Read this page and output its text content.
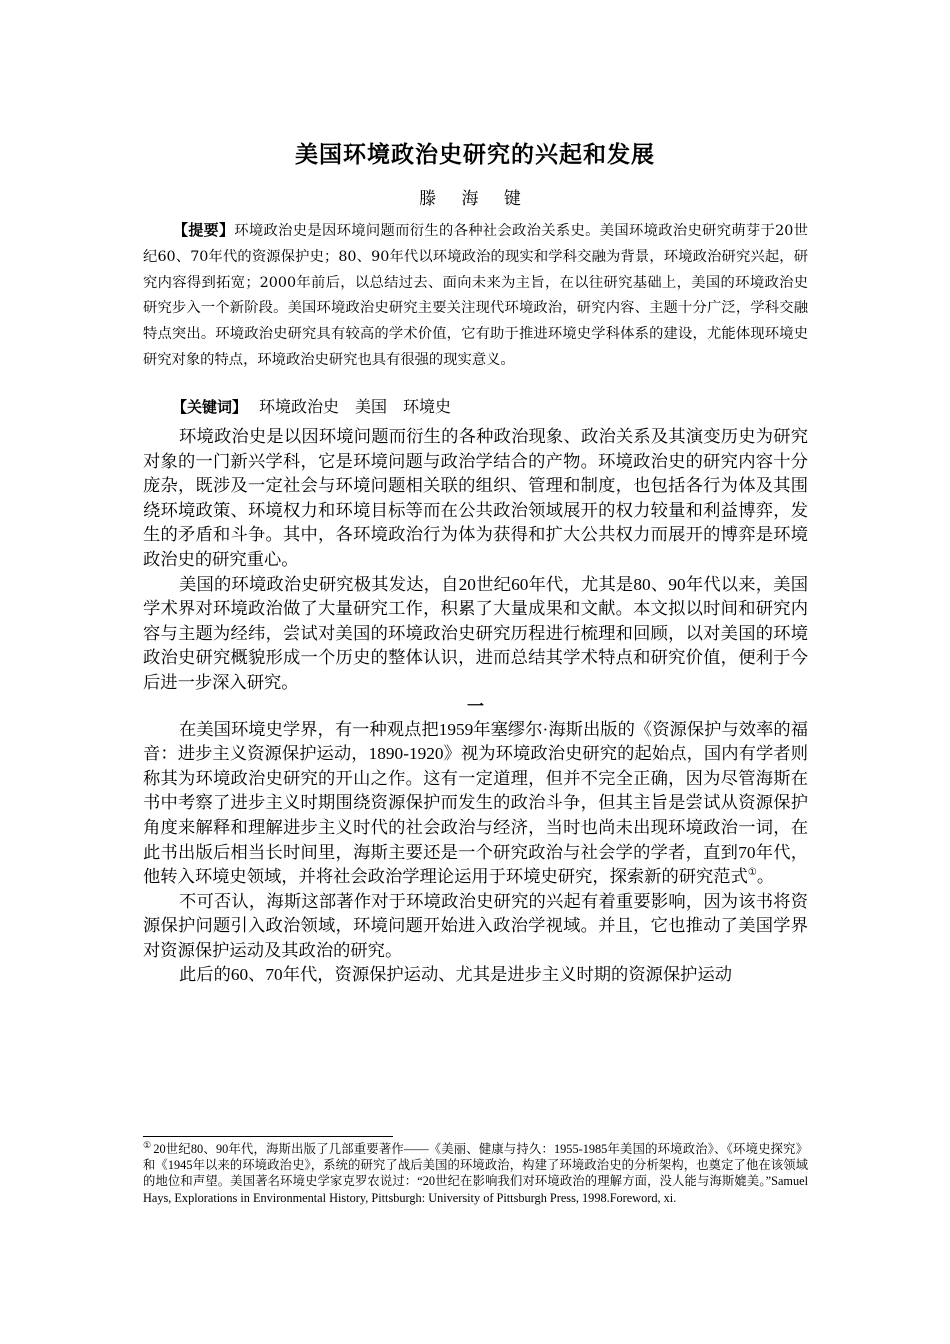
美国环境政治史研究的兴起和发展
滕 海 键
【提要】环境政治史是因环境问题而衍生的各种社会政治关系史。美国环境政治史研究萌芽于20世纪60、70年代的资源保护史；80、90年代以环境政治的现实和学科交融为背景，环境政治研究兴起，研究内容得到拓宽；2000年前后，以总结过去、面向未来为主旨，在以往研究基础上，美国的环境政治史研究步入一个新阶段。美国环境政治史研究主要关注现代环境政治，研究内容、主题十分广泛，学科交融特点突出。环境政治史研究具有较高的学术价值，它有助于推进环境史学科体系的建设，尤能体现环境史研究对象的特点，环境政治史研究也具有很强的现实意义。
【关键词】 环境政治史 美国 环境史

环境政治史是以因环境问题而衍生的各种政治现象、政治关系及其演变历史为研究对象的一门新兴学科，它是环境问题与政治学结合的产物。环境政治史的研究内容十分庞杂，既涉及一定社会与环境问题相关联的组织、管理和制度，也包括各行为体及其围绕环境政策、环境权力和环境目标等而在公共政治领域展开的权力较量和利益博弈，发生的矛盾和斗争。其中，各环境政治行为体为获得和扩大公共权力而展开的博弈是环境政治史的研究重心。

美国的环境政治史研究极其发达，自20世纪60年代，尤其是80、90年代以来，美国学术界对环境政治做了大量研究工作，积累了大量成果和文献。本文拟以时间和研究内容与主题为经纬，尝试对美国的环境政治史研究历程进行梳理和回顾，以对美国的环境政治史研究概貌形成一个历史的整体认识，进而总结其学术特点和研究价值，便利于今后进一步深入研究。

一

在美国环境史学界，有一种观点把1959年塞缪尔·海斯出版的《资源保护与效率的福音：进步主义资源保护运动，1890-1920》视为环境政治史研究的起始点，国内有学者则称其为环境政治史研究的开山之作。这有一定道理，但并不完全正确，因为尽管海斯在书中考察了进步主义时期围绕资源保护而发生的政治斗争，但其主旨是尝试从资源保护角度来解释和理解进步主义时代的社会政治与经济，当时也尚未出现环境政治一词，在此书出版后相当长时间里，海斯主要还是一个研究政治与社会学的学者，直到70年代，他转入环境史领域，并将社会政治学理论运用于环境史研究，探索新的研究范式①。

不可否认，海斯这部著作对于环境政治史研究的兴起有着重要影响，因为该书将资源保护问题引入政治领域，环境问题开始进入政治学视域。并且，它也推动了美国学界对资源保护运动及其政治的研究。

此后的60、70年代，资源保护运动、尤其是进步主义时期的资源保护运动

① 20世纪80、90年代，海斯出版了几部重要著作——《美丽、健康与持久：1955-1985年美国的环境政治》、《环境史探究》和《1945年以来的环境政治史》，系统的研究了战后美国的环境政治，构建了环境政治史的分析架构，也奠定了他在该领域的地位和声望。美国著名环境史学家克罗农说过：“20世纪在影响我们对环境政治的理解方面，没人能与海斯媲美。”Samuel Hays, Explorations in Environmental History, Pittsburgh: University of Pittsburgh Press, 1998.Foreword, xi.
